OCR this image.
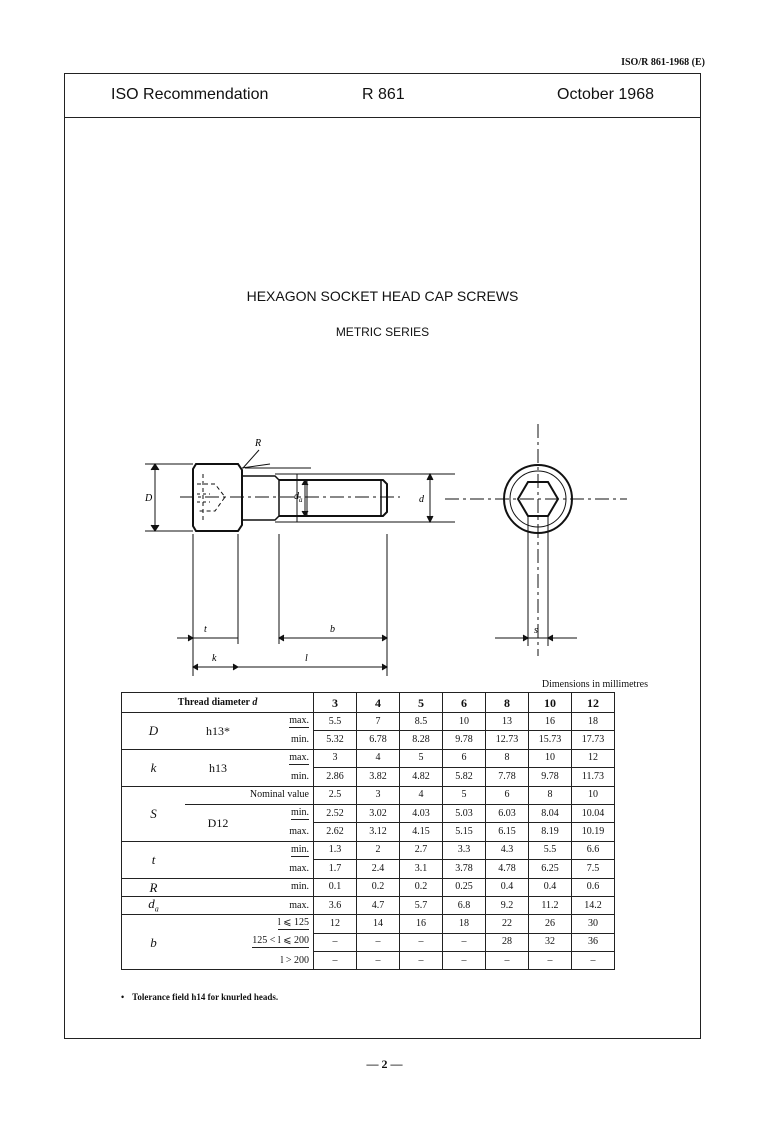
ISO/R 861-1968 (E)
ISO Recommendation	R 861	October 1968
HEXAGON SOCKET HEAD CAP SCREWS
METRIC SERIES
R
D	$d_a$	d
t	b
k	l
s
Dimensions in millimetres
Thread diameter d			3	4	5	6	8	10	12
D	h13*	max.	5.5	7	8.5	10	13	16	18
		min.	5.32	6.78	8.28	9.78	12.73	15.73	17.73
k	h13	max.	3	4	5	6	8	10	12
		min.	2.86	3.82	4.82	5.82	7.78	9.78	11.73
S	Nominal value		2.5	3	4	5	6	8	10
	D12	min.	2.52	3.02	4.03	5.03	6.03	8.04	10.04
		max.	2.62	3.12	4.15	5.15	6.15	8.19	10.19
t		min.	1.3	2	2.7	3.3	4.3	5.5	6.6
		max.	1.7	2.4	3.1	3.78	4.78	6.25	7.5
R		min.	0.1	0.2	0.2	0.25	0.4	0.4	0.6
$d_a$		max.	3.6	4.7	5.7	6.8	9.2	11.2	14.2
b	l ⩽ 125		12	14	16	18	22	26	30
	125 < l ⩽ 200		–	–	–	–	28	32	36
	l > 200		–	–	–	–	–	–	–
• Tolerance field h14 for knurled heads.
— 2 —
